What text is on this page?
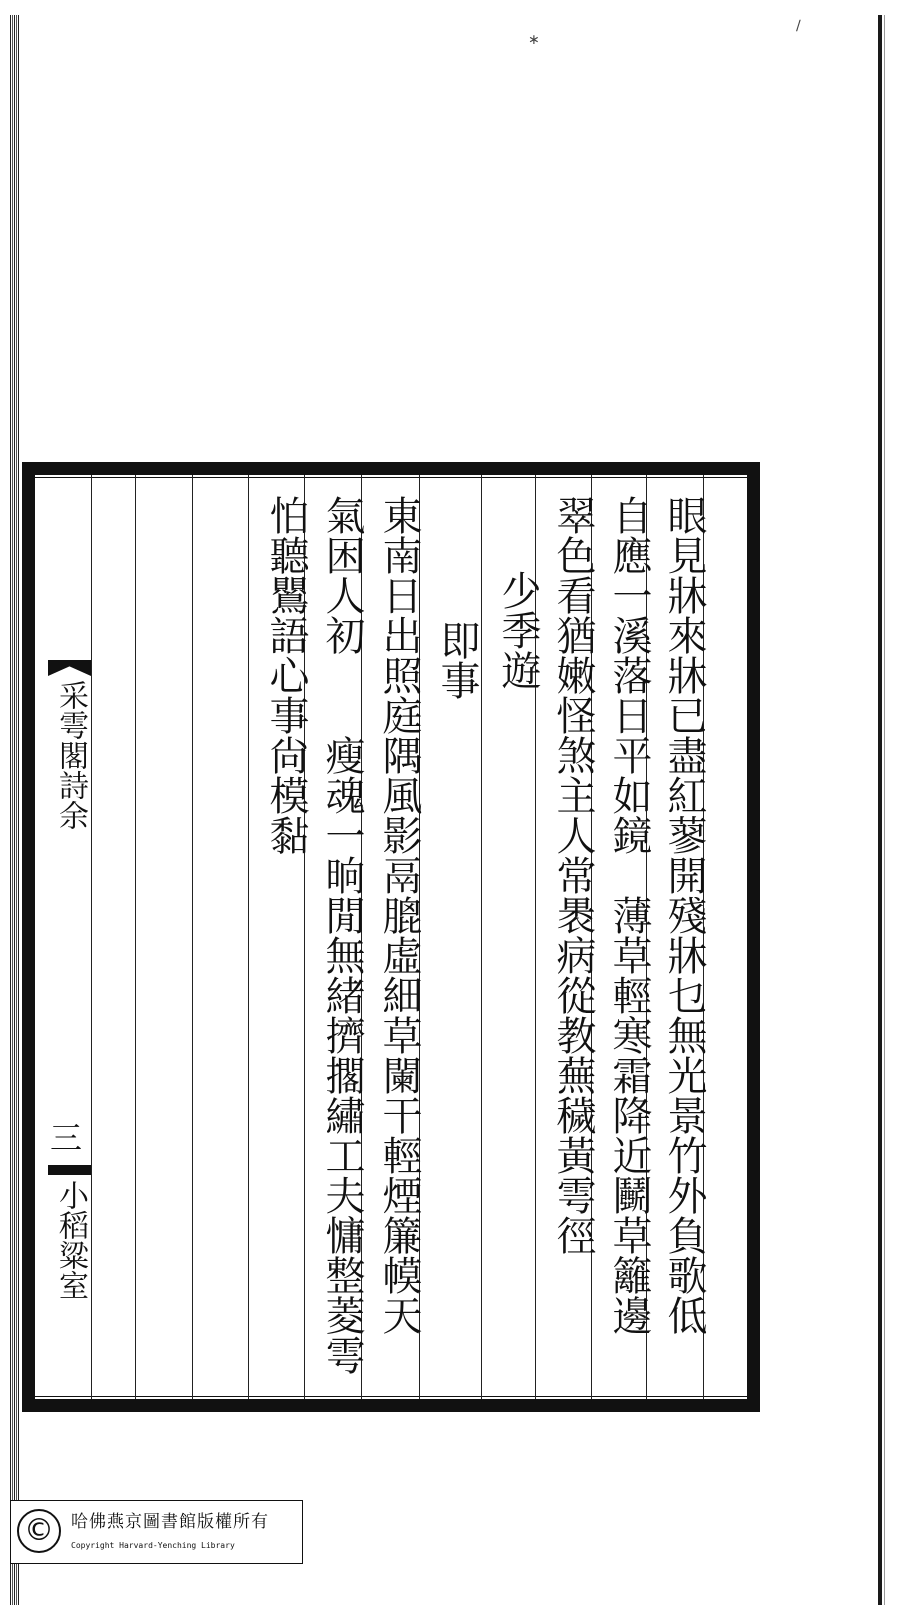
∗
∕
眼見牀來牀已盡紅蓼開殘牀乜無光景竹外負歌低
自應一溪落日平如鏡　薄草輕寒霜降近鬭草籬邊
翠色看猶嫩怪煞主人常褁病從教蕪穢黃雩徑
少季遊
即事
東南日出照庭隅風影鬲膍虛細草闌干輕煙簾幙天
氣困人初　　瘦魂一晌閒無緒擠擱繡工夫慵整菱雩
怕聽鸎語心事尙模黏
采雩閣詩余
三
小稻粱室
©	哈佛燕京圖書館版權所有
Copyright Harvard-Yenching Library
